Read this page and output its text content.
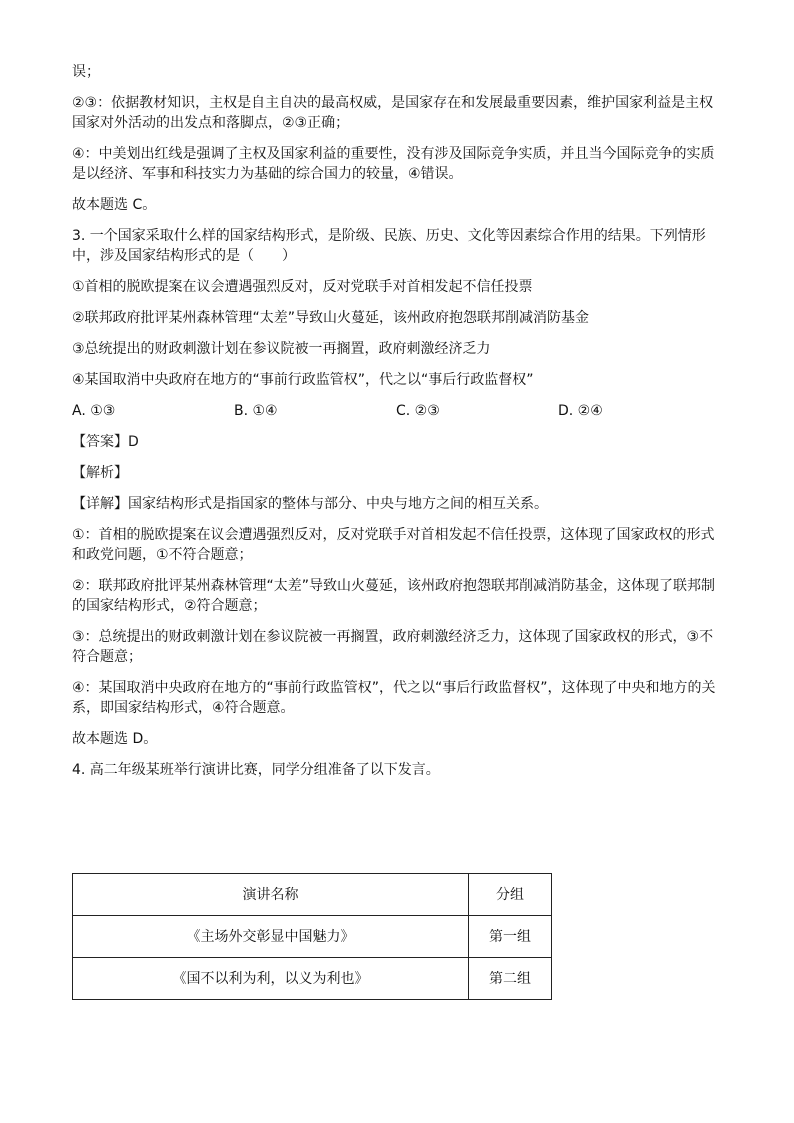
误；
②③：依据教材知识，主权是自主自决的最高权威，是国家存在和发展最重要因素，维护国家利益是主权
国家对外活动的出发点和落脚点，②③正确；
④：中美划出红线是强调了主权及国家利益的重要性，没有涉及国际竞争实质，并且当今国际竞争的实质
是以经济、军事和科技实力为基础的综合国力的较量，④错误。
故本题选 C。
3. 一个国家采取什么样的国家结构形式，是阶级、民族、历史、文化等因素综合作用的结果。下列情形
中，涉及国家结构形式的是（　　）
①首相的脱欧提案在议会遭遇强烈反对，反对党联手对首相发起不信任投票
②联邦政府批评某州森林管理“太差”导致山火蔓延，该州政府抱怨联邦削减消防基金
③总统提出的财政刺激计划在参议院被一再搁置，政府刺激经济乏力
④某国取消中央政府在地方的“事前行政监管权”，代之以“事后行政监督权”
A. ①③	B. ①④	C. ②③	D. ②④
【答案】D
【解析】
【详解】国家结构形式是指国家的整体与部分、中央与地方之间的相互关系。
①：首相的脱欧提案在议会遭遇强烈反对，反对党联手对首相发起不信任投票，这体现了国家政权的形式
和政党问题，①不符合题意；
②：联邦政府批评某州森林管理“太差”导致山火蔓延，该州政府抱怨联邦削减消防基金，这体现了联邦制
的国家结构形式，②符合题意；
③：总统提出的财政刺激计划在参议院被一再搁置，政府刺激经济乏力，这体现了国家政权的形式，③不
符合题意；
④：某国取消中央政府在地方的“事前行政监管权”，代之以“事后行政监督权”，这体现了中央和地方的关
系，即国家结构形式，④符合题意。
故本题选 D。
4. 高二年级某班举行演讲比赛，同学分组准备了以下发言。
演讲名称	分组
《主场外交彰显中国魅力》	第一组
《国不以利为利，以义为利也》	第二组
